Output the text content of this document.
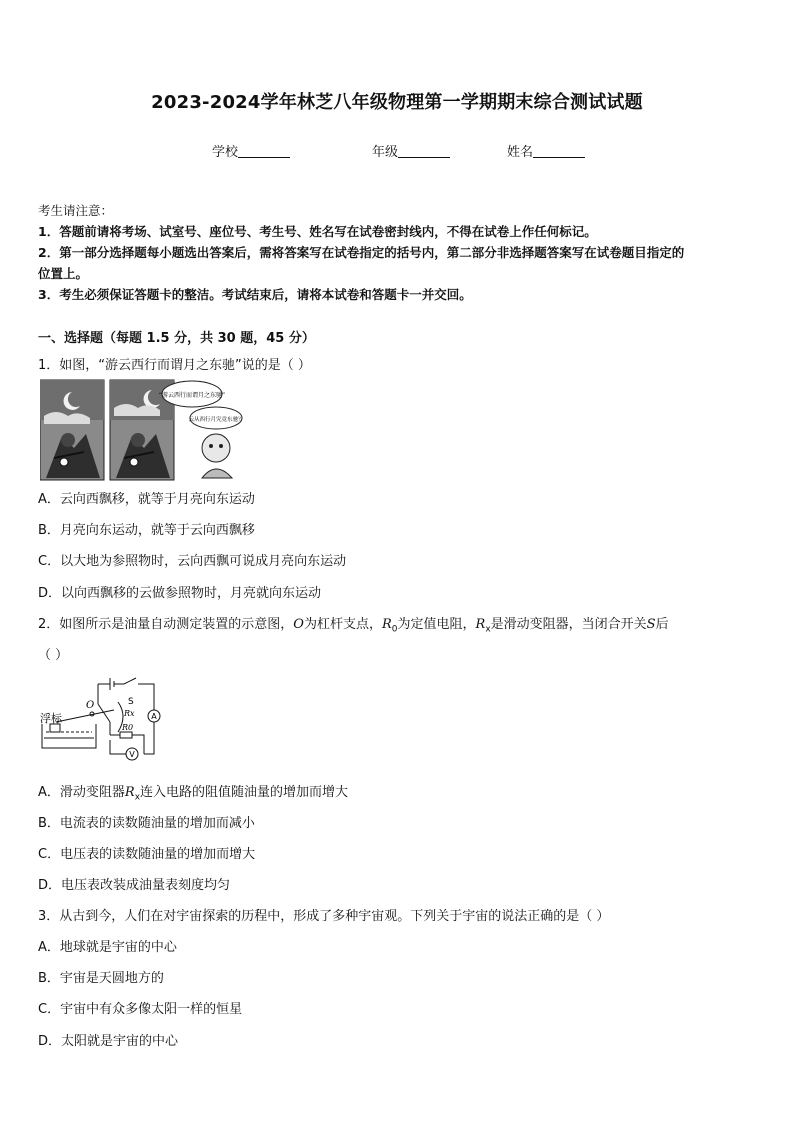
2023-2024学年林芝八年级物理第一学期期末综合测试试题
学校	年级	姓名
考生请注意：
1．答题前请将考场、试室号、座位号、考生号、姓名写在试卷密封线内，不得在试卷上作任何标记。
2．第一部分选择题每小题选出答案后，需将答案写在试卷指定的括号内，第二部分非选择题答案写在试卷题目指定的
位置上。
3．考生必须保证答题卡的整洁。考试结束后，请将本试卷和答题卡一并交回。
一、选择题（每题 1.5 分，共 30 题，45 分）
1．如图，“游云西行而谓月之东驰”说的是（ ）
“游云西行而谓月之东驰”
云从西行月究竟东驰？
A．云向西飘移，就等于月亮向东运动
B．月亮向东运动，就等于云向西飘移
C．以大地为参照物时，云向西飘可说成月亮向东运动
D．以向西飘移的云做参照物时，月亮就向东运动
2．如图所示是油量自动测定装置的示意图，O为杠杆支点，$R_0$为定值电阻，$R_x$是滑动变阻器，当闭合开关S后
（ ）
浮标
O	S
Rx
R0
A
V
A．滑动变阻器$R_x$连入电路的阻值随油量的增加而增大
B．电流表的读数随油量的增加而减小
C．电压表的读数随油量的增加而增大
D．电压表改装成油量表刻度均匀
3．从古到今，人们在对宇宙探索的历程中，形成了多种宇宙观。下列关于宇宙的说法正确的是（ ）
A．地球就是宇宙的中心
B．宇宙是天圆地方的
C．宇宙中有众多像太阳一样的恒星
D．太阳就是宇宙的中心
